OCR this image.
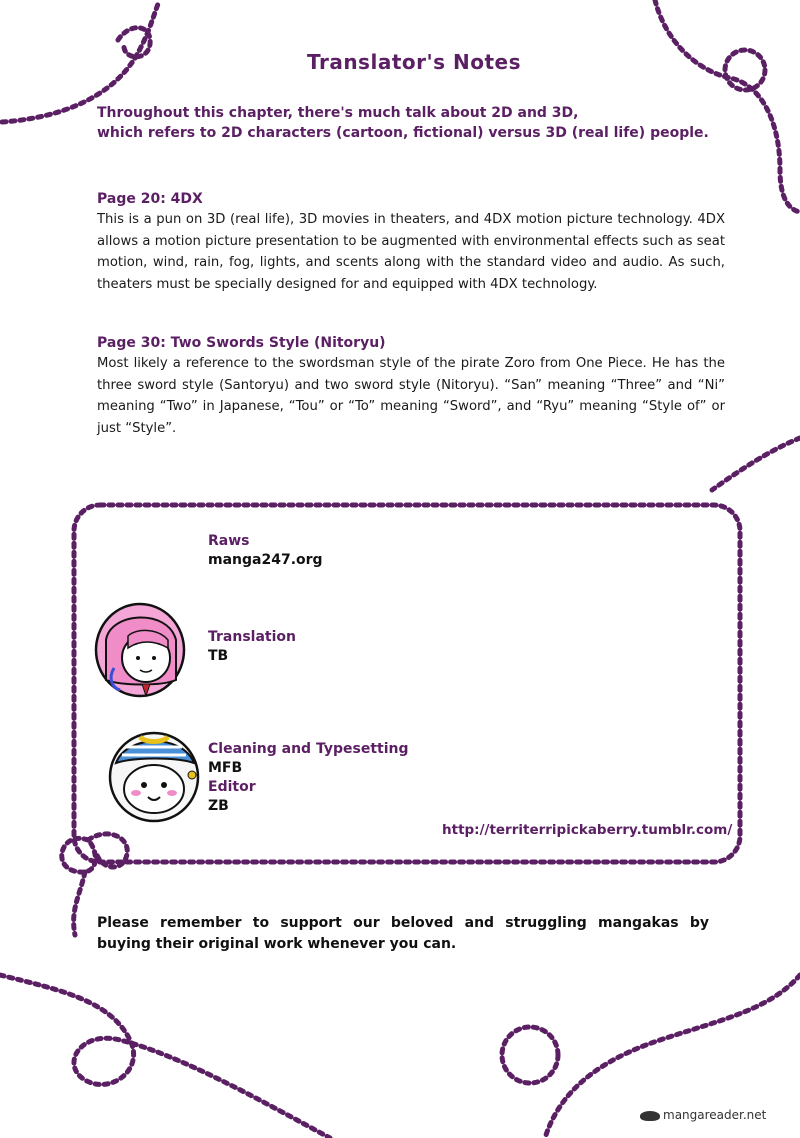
Translator's Notes
Throughout this chapter, there's much talk about 2D and 3D,
which refers to 2D characters (cartoon, fictional) versus 3D (real life) people.
Page 20: 4DX

This is a pun on 3D (real life), 3D movies in theaters, and 4DX motion picture technology. 4DX allows a motion picture presentation to be augmented with environmental effects such as seat motion, wind, rain, fog, lights, and scents along with the standard video and audio. As such, theaters must be specially designed for and equipped with 4DX technology.

Page 30: Two Swords Style (Nitoryu)

Most likely a reference to the swordsman style of the pirate Zoro from One Piece. He has the three sword style (Santoryu) and two sword style (Nitoryu). “San” meaning “Three” and “Ni” meaning “Two” in Japanese, “Tou” or “To” meaning “Sword”, and “Ryu” meaning “Style of” or just “Style”.

Raws
manga247.org
Translation
TB
Cleaning and Typesetting
MFB
Editor
ZB
http://territerripickaberry.tumblr.com/
Please remember to support our beloved and struggling mangakas by buying their original work whenever you can.
mangareader.net
